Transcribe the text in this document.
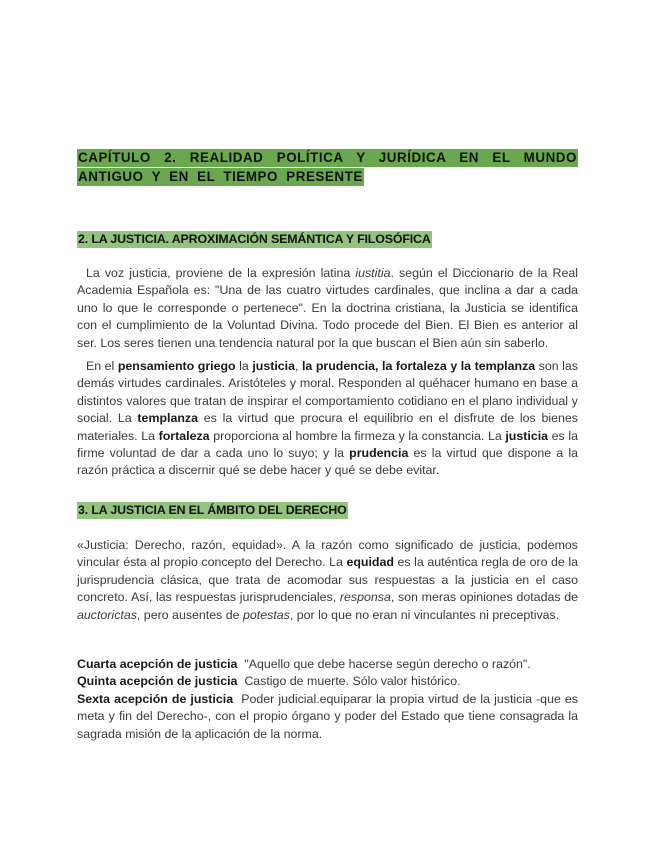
CAPÍTULO 2. REALIDAD POLÍTICA Y JURÍDICA EN EL MUNDO ANTIGUO Y EN EL TIEMPO PRESENTE
2. LA JUSTICIA. APROXIMACIÓN SEMÁNTICA Y FILOSÓFICA

La voz justicia, proviene de la expresión latina iustitia. según el Diccionario de la Real Academia Española es: "Una de las cuatro virtudes cardinales, que inclina a dar a cada uno lo que le corresponde o pertenece". En la doctrina cristiana, la Justicia se identifica con el cumplimiento de la Voluntad Divina. Todo procede del Bien. El Bien es anterior al ser. Los seres tienen una tendencia natural por la que buscan el Bien aún sin saberlo.

En el pensamiento griego la justicia, la prudencia, la fortaleza y la templanza son las demás virtudes cardinales. Aristóteles y moral. Responden al quéhacer humano en base a distintos valores que tratan de inspirar el comportamiento cotidiano en el plano individual y social. La templanza es la virtud que procura el equilibrio en el disfrute de los bienes materiales. La fortaleza proporciona al hombre la firmeza y la constancia. La justicia es la firme voluntad de dar a cada uno lo suyo; y la prudencia es la virtud que dispone a la razón práctica a discernir qué se debe hacer y qué se debe evitar.

3. LA JUSTICIA EN EL ÁMBITO DEL DERECHO

«Justicia: Derecho, razón, equidad». A la razón como significado de justicia, podemos vincular ésta al propio concepto del Derecho. La equidad es la auténtica regla de oro de la jurisprudencia clásica, que trata de acomodar sus respuestas a la justicia en el caso concreto. Así, las respuestas jurisprudenciales, responsa, son meras opiniones dotadas de auctorictas, pero ausentes de potestas, por lo que no eran ni vinculantes ni preceptivas.

Cuarta acepción de justicia "Aquello que debe hacerse según derecho o razón".

Quinta acepción de justicia Castigo de muerte. Sólo valor histórico.

Sexta acepción de justicia Poder judicial.equiparar la propia virtud de la justicia -que es meta y fin del Derecho-, con el propio órgano y poder del Estado que tiene consagrada la sagrada misión de la aplicación de la norma.
